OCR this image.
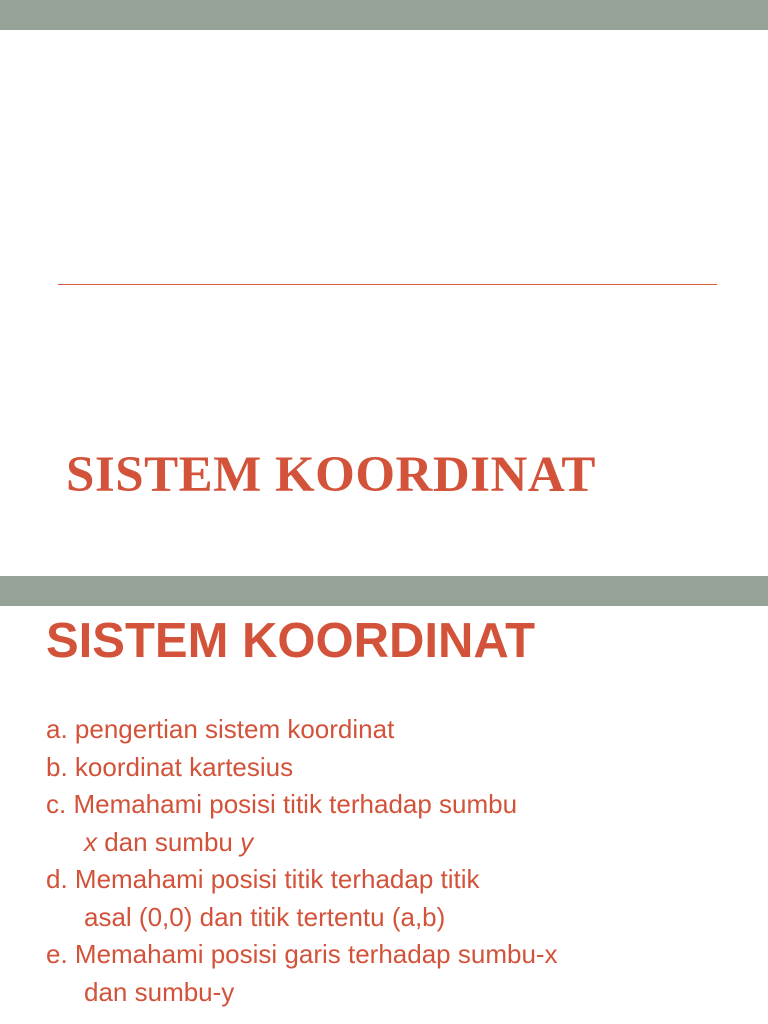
SISTEM KOORDINAT
SISTEM KOORDINAT
a. pengertian sistem koordinat
b. koordinat kartesius
c. Memahami posisi titik terhadap sumbu
x dan sumbu y
d. Memahami posisi titik terhadap titik
asal (0,0) dan titik tertentu (a,b)
e. Memahami posisi garis terhadap sumbu-x
dan sumbu-y
